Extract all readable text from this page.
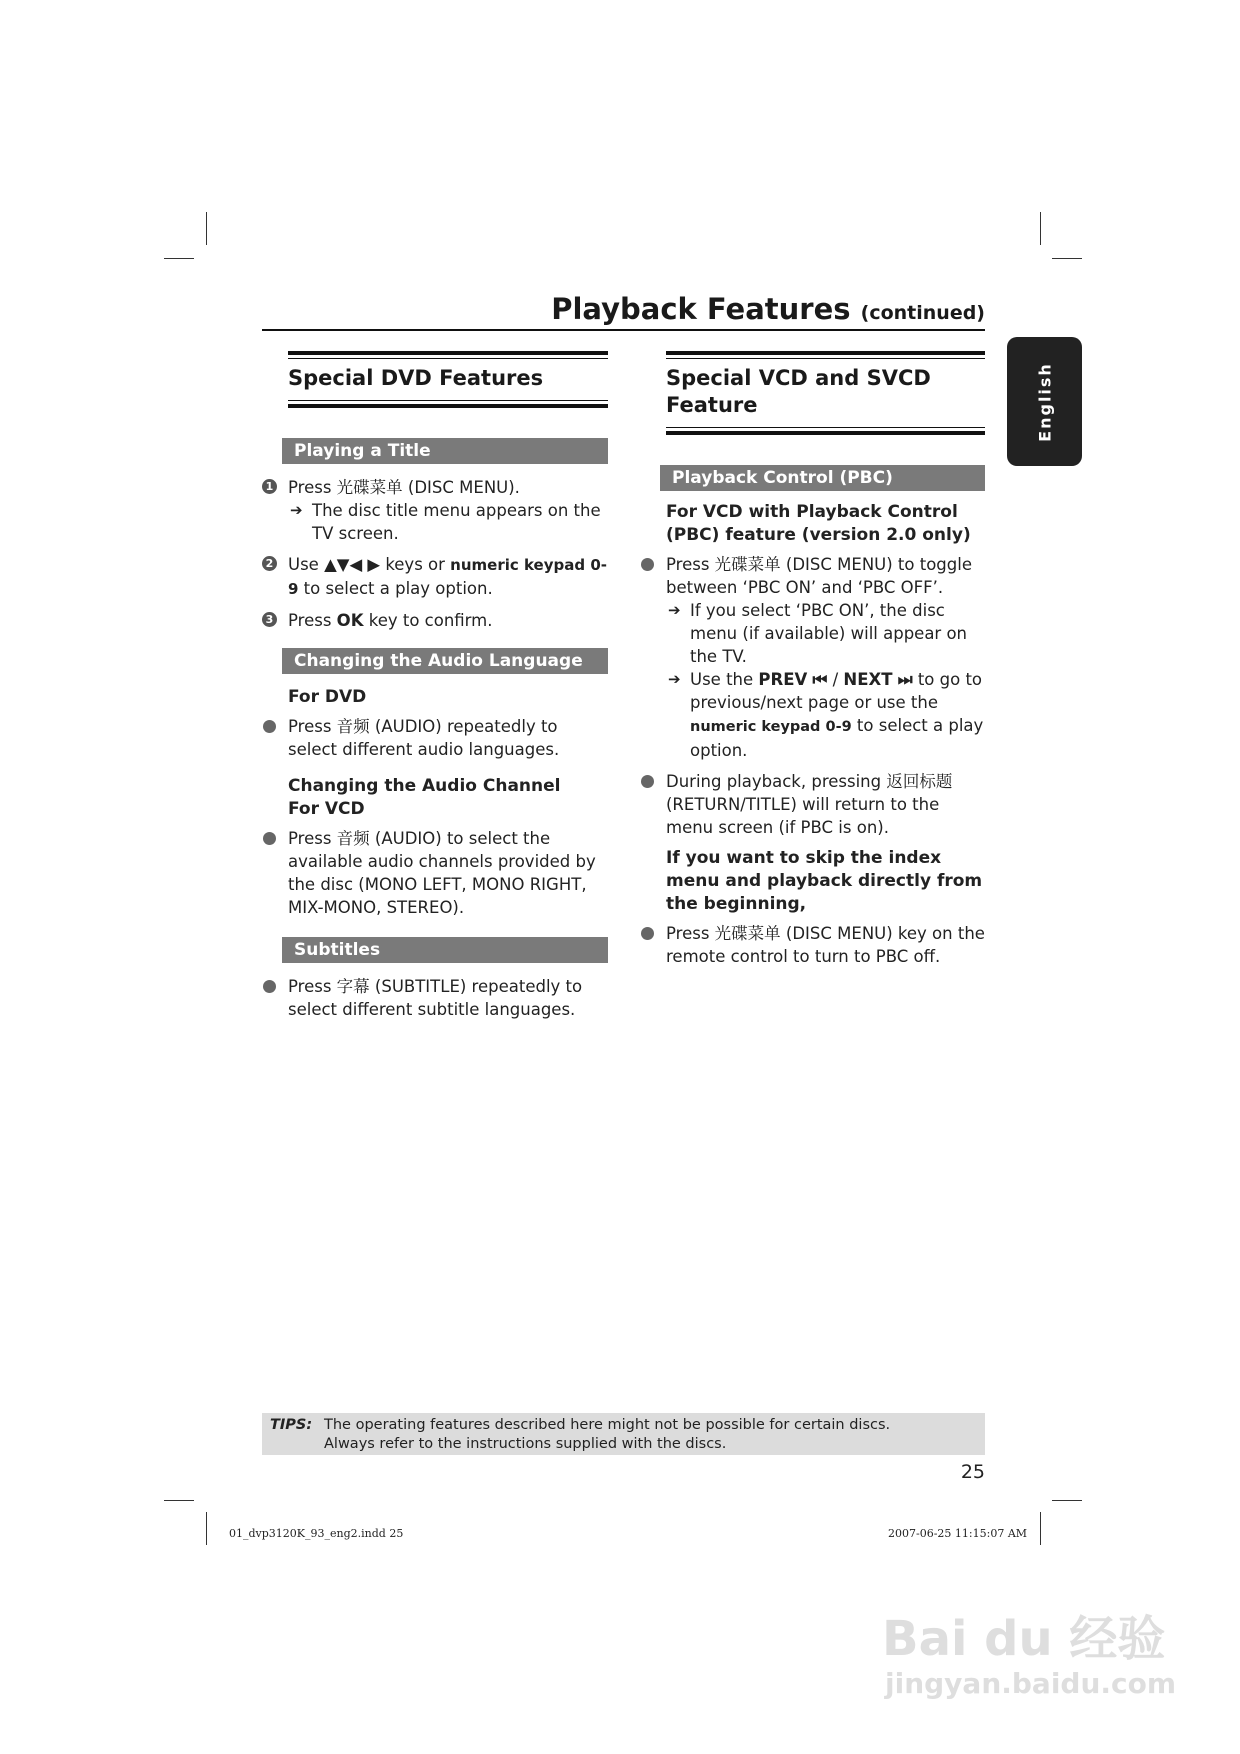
Playback Features (continued)
English
Special DVD Features
Playing a Title
1 Press 光碟菜单 (DISC MENU).
➔ The disc title menu appears on the TV screen.
2 Use ▲▼◀ ▶ keys or numeric keypad 0-9 to select a play option.
3 Press OK key to confirm.
Changing the Audio Language
For DVD
Press 音频 (AUDIO) repeatedly to select different audio languages.
Changing the Audio Channel
For VCD
Press 音频 (AUDIO) to select the available audio channels provided by the disc (MONO LEFT, MONO RIGHT, MIX-MONO, STEREO).
Subtitles
Press 字幕 (SUBTITLE) repeatedly to select different subtitle languages.
Special VCD and SVCD
Feature
Playback Control (PBC)
For VCD with Playback Control (PBC) feature (version 2.0 only)
Press 光碟菜单 (DISC MENU) to toggle between ‘PBC ON’ and ‘PBC OFF’.
➔ If you select ‘PBC ON’, the disc menu (if available) will appear on the TV.
➔ Use the PREV ⏮ / NEXT ⏭ to go to previous/next page or use the numeric keypad 0-9 to select a play option.
During playback, pressing 返回标题 (RETURN/TITLE) will return to the menu screen (if PBC is on).
If you want to skip the index menu and playback directly from the beginning,
Press 光碟菜单 (DISC MENU) key on the remote control to turn to PBC off.
TIPS: The operating features described here might not be possible for certain discs.
Always refer to the instructions supplied with the discs.
25
01_dvp3120K_93_eng2.indd 25	2007-06-25 11:15:07 AM
Bai du 经验
jingyan.baidu.com
